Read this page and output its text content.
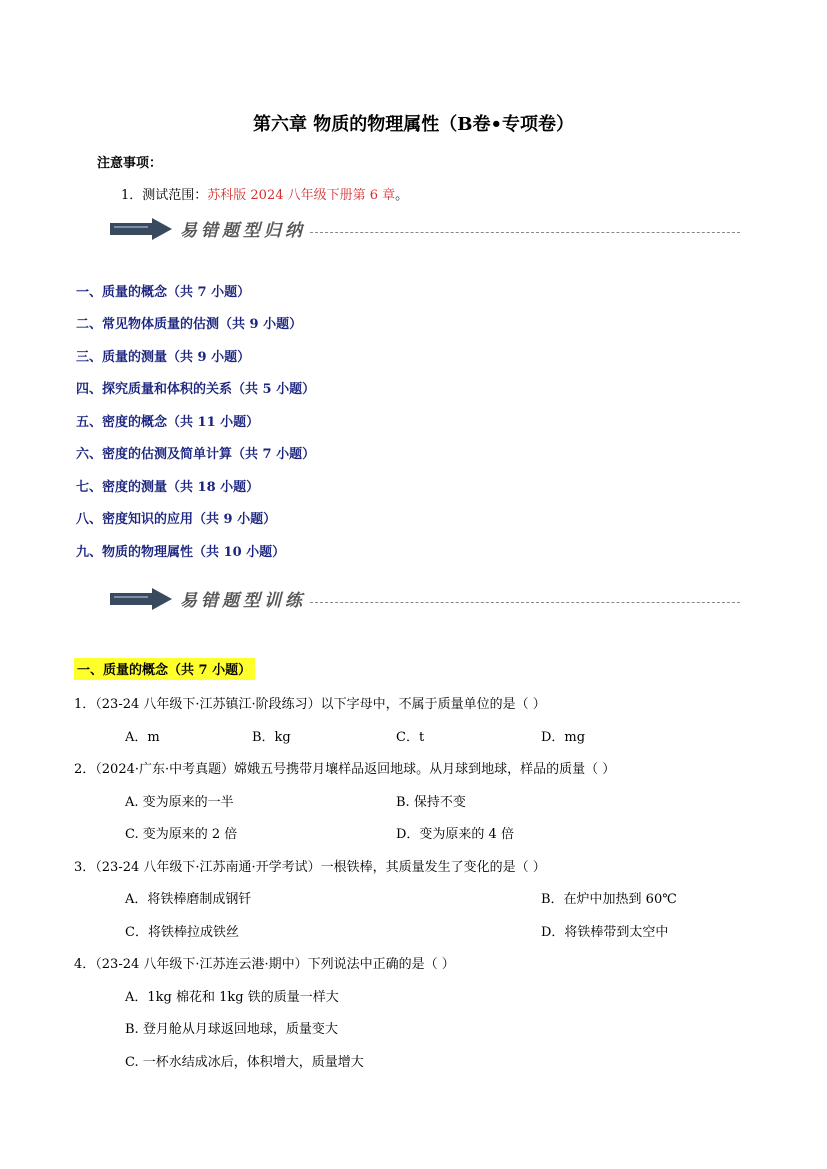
第六章 物质的物理属性（B卷•专项卷）
注意事项：
1．测试范围：苏科版 2024 八年级下册第 6 章。
易错题型归纳
一、质量的概念（共 7 小题）
二、常见物体质量的估测（共 9 小题）
三、质量的测量（共 9 小题）
四、探究质量和体积的关系（共 5 小题）
五、密度的概念（共 11 小题）
六、密度的估测及简单计算（共 7 小题）
七、密度的测量（共 18 小题）
八、密度知识的应用（共 9 小题）
九、物质的物理属性（共 10 小题）
易错题型训练
一、质量的概念（共 7 小题）
1．（23-24 八年级下·江苏镇江·阶段练习）以下字母中，不属于质量单位的是（ ）
A．m	B．kg	C．t	D．mg
2．（2024·广东·中考真题）嫦娥五号携带月壤样品返回地球。从月球到地球，样品的质量（ ）
A. 变为原来的一半	B. 保持不变
C. 变为原来的 2 倍	D．变为原来的 4 倍
3．（23-24 八年级下·江苏南通·开学考试）一根铁棒，其质量发生了变化的是（ ）
A．将铁棒磨制成钢钎	B．在炉中加热到 60℃
C．将铁棒拉成铁丝	D．将铁棒带到太空中
4．（23-24 八年级下·江苏连云港·期中）下列说法中正确的是（ ）
A．1kg 棉花和 1kg 铁的质量一样大
B. 登月舱从月球返回地球，质量变大
C. 一杯水结成冰后，体积增大，质量增大
